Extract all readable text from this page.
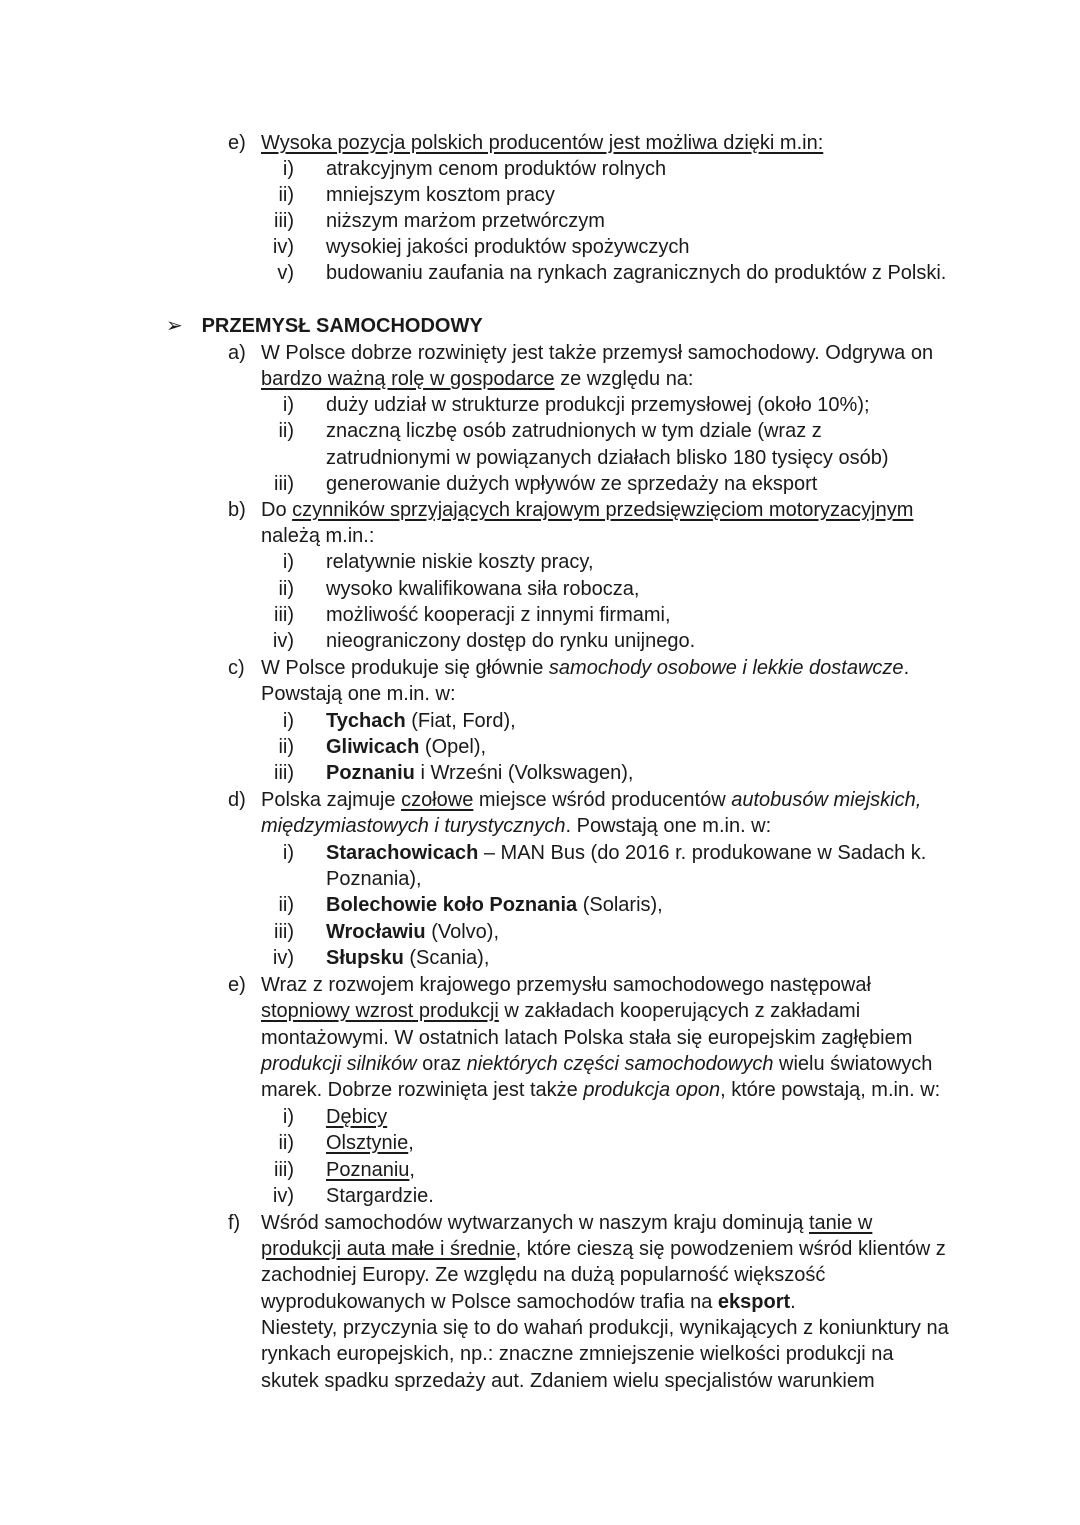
e) Wysoka pozycja polskich producentów jest możliwa dzięki m.in:
i) atrakcyjnym cenom produktów rolnych
ii) mniejszym kosztom pracy
iii) niższym marżom przetwórczym
iv) wysokiej jakości produktów spożywczych
v) budowaniu zaufania na rynkach zagranicznych do produktów z Polski.
➢ PRZEMYSŁ SAMOCHODOWY
a) W Polsce dobrze rozwinięty jest także przemysł samochodowy. Odgrywa on
bardzo ważną rolę w gospodarce ze względu na:
i) duży udział w strukturze produkcji przemysłowej (około 10%);
ii) znaczną liczbę osób zatrudnionych w tym dziale (wraz z
zatrudnionymi w powiązanych działach blisko 180 tysięcy osób)
iii) generowanie dużych wpływów ze sprzedaży na eksport
b) Do czynników sprzyjających krajowym przedsięwzięciom motoryzacyjnym
należą m.in.:
i) relatywnie niskie koszty pracy,
ii) wysoko kwalifikowana siła robocza,
iii) możliwość kooperacji z innymi firmami,
iv) nieograniczony dostęp do rynku unijnego.
c) W Polsce produkuje się głównie samochody osobowe i lekkie dostawcze.
Powstają one m.in. w:
i) Tychach (Fiat, Ford),
ii) Gliwicach (Opel),
iii) Poznaniu i Wrześni (Volkswagen),
d) Polska zajmuje czołowe miejsce wśród producentów autobusów miejskich,
międzymiastowych i turystycznych. Powstają one m.in. w:
i) Starachowicach – MAN Bus (do 2016 r. produkowane w Sadach k.
Poznania),
ii) Bolechowie koło Poznania (Solaris),
iii) Wrocławiu (Volvo),
iv) Słupsku (Scania),
e) Wraz z rozwojem krajowego przemysłu samochodowego następował
stopniowy wzrost produkcji w zakładach kooperujących z zakładami
montażowymi. W ostatnich latach Polska stała się europejskim zagłębiem
produkcji silników oraz niektórych części samochodowych wielu światowych
marek. Dobrze rozwinięta jest także produkcja opon, które powstają, m.in. w:
i) Dębicy
ii) Olsztynie,
iii) Poznaniu,
iv) Stargardzie.
f) Wśród samochodów wytwarzanych w naszym kraju dominują tanie w
produkcji auta małe i średnie, które cieszą się powodzeniem wśród klientów z
zachodniej Europy. Ze względu na dużą popularność większość
wyprodukowanych w Polsce samochodów trafia na eksport.
Niestety, przyczynia się to do wahań produkcji, wynikających z koniunktury na
rynkach europejskich, np.: znaczne zmniejszenie wielkości produkcji na
skutek spadku sprzedaży aut. Zdaniem wielu specjalistów warunkiem
